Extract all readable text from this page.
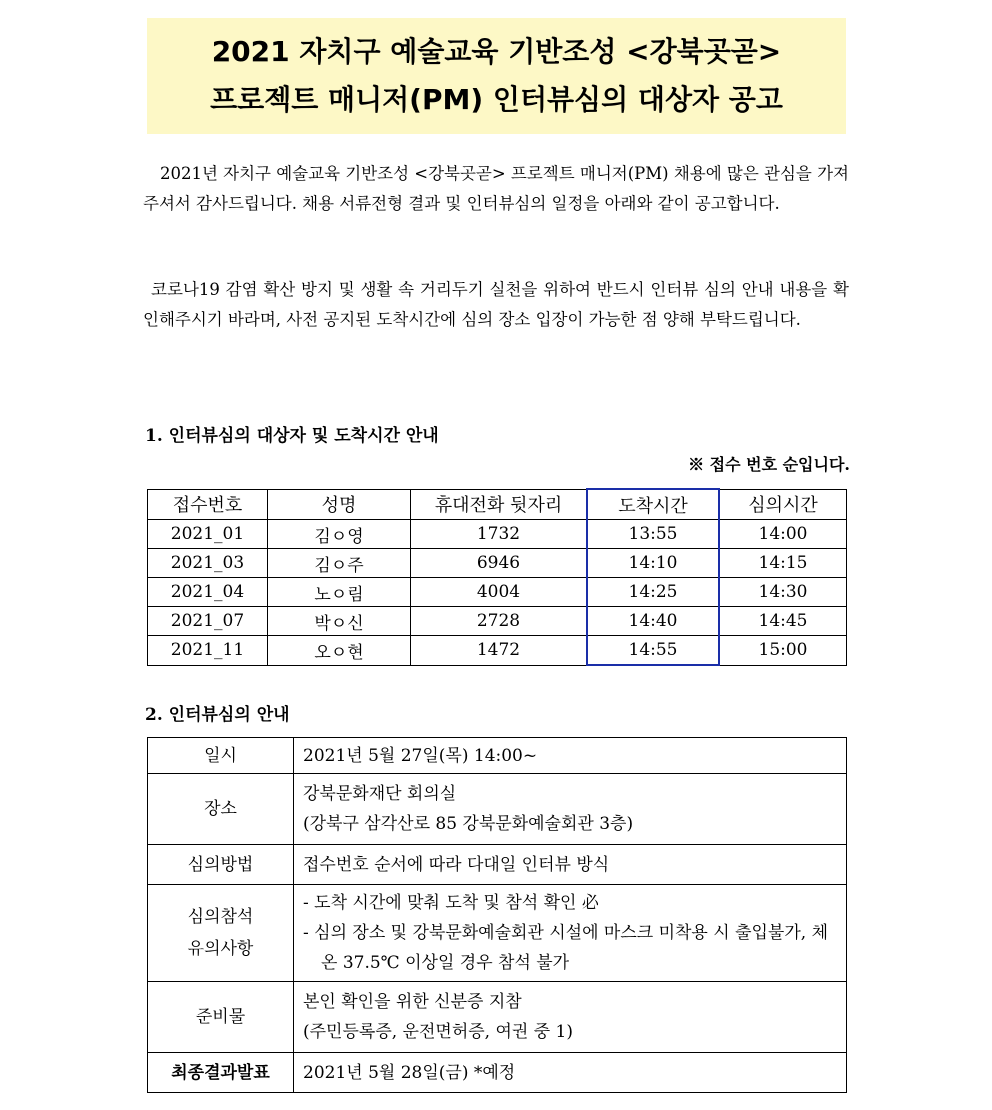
2021 자치구 예술교육 기반조성 <강북곳곧>
프로젝트 매니저(PM) 인터뷰심의 대상자 공고
2021년 자치구 예술교육 기반조성 <강북곳곧> 프로젝트 매니저(PM) 채용에 많은 관심을 가져주셔서 감사드립니다. 채용 서류전형 결과 및 인터뷰심의 일정을 아래와 같이 공고합니다.
코로나19 감염 확산 방지 및 생활 속 거리두기 실천을 위하여 반드시 인터뷰 심의 안내 내용을 확인해주시기 바라며, 사전 공지된 도착시간에 심의 장소 입장이 가능한 점 양해 부탁드립니다.
1. 인터뷰심의 대상자 및 도착시간 안내
※ 접수 번호 순입니다.
접수번호	성명	휴대전화 뒷자리	도착시간	심의시간
2021_01	김ㅇ영	1732	13:55	14:00
2021_03	김ㅇ주	6946	14:10	14:15
2021_04	노ㅇ림	4004	14:25	14:30
2021_07	박ㅇ신	2728	14:40	14:45
2021_11	오ㅇ현	1472	14:55	15:00
2. 인터뷰심의 안내
일시	2021년 5월 27일(목) 14:00~
장소	강북문화재단 회의실
(강북구 삼각산로 85 강북문화예술회관 3층)

심의방법	접수번호 순서에 따라 다대일 인터뷰 방식

심의참석
유의사항	- 도착 시간에 맞춰 도착 및 참석 확인 必
- 심의 장소 및 강북문화예술회관 시설에 마스크 미착용 시 출입불가, 체온 37.5℃ 이상일 경우 참석 불가

준비물	본인 확인을 위한 신분증 지참
(주민등록증, 운전면허증, 여권 중 1)

최종결과발표	2021년 5월 28일(금) *예정
